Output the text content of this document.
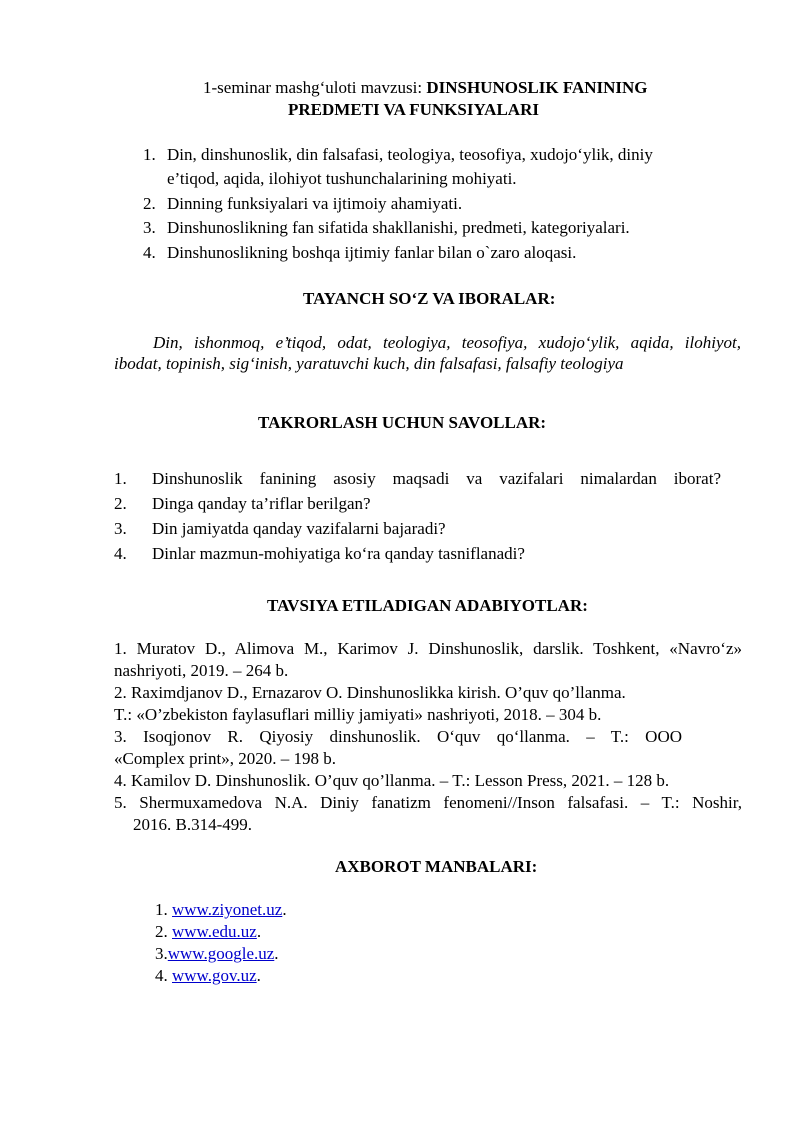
1-seminar mashg‘uloti mavzusi: DINSHUNOSLIK FANINING
PREDMETI VA FUNKSIYALARI
1. Din, dinshunoslik, din falsafasi, teologiya, teosofiya, xudojo‘ylik, diniy
e’tiqod, aqida, ilohiyot tushunchalarining mohiyati.
2. Dinning funksiyalari va ijtimoiy ahamiyati.
3. Dinshunoslikning fan sifatida shakllanishi, predmeti, kategoriyalari.
4. Dinshunoslikning boshqa ijtimiy fanlar bilan o`zaro aloqasi.
TAYANCH SO‘Z VA IBORALAR:
Din, ishonmoq, e’tiqod, odat, teologiya, teosofiya, xudojo‘ylik, aqida, ilohiyot,
ibodat, topinish, sig‘inish, yaratuvchi kuch, din falsafasi, falsafiy teologiya
TAKRORLASH UCHUN SAVOLLAR:
1. Dinshunoslik fanining asosiy maqsadi va vazifalari nimalardan iborat?
2. Dinga qanday ta’riflar berilgan?
3. Din jamiyatda qanday vazifalarni bajaradi?
4. Dinlar mazmun-mohiyatiga ko‘ra qanday tasniflanadi?
TAVSIYA ETILADIGAN ADABIYOTLAR:
1. Muratov D., Alimova M., Karimov J. Dinshunoslik, darslik. Toshkent, «Navro‘z»
nashriyoti, 2019. – 264 b.
2. Raximdjanov D., Ernazarov O. Dinshunoslikka kirish. O’quv qo’llanma.
T.: «O’zbekiston faylasuflari milliy jamiyati» nashriyoti, 2018. – 304 b.
3. Isoqjonov R. Qiyosiy dinshunoslik. O‘quv qo‘llanma. – T.: OOO
«Complex print», 2020. – 198 b.
4. Kamilov D. Dinshunoslik. O’quv qo’llanma. – T.: Lesson Press, 2021. – 128 b.
5. Shermuxamedova N.A. Diniy fanatizm fenomeni//Inson falsafasi. – T.: Noshir,
2016. B.314-499.
AXBOROT MANBALARI:
1. www.ziyonet.uz.
2. www.edu.uz.
3.www.google.uz.
4. www.gov.uz.
